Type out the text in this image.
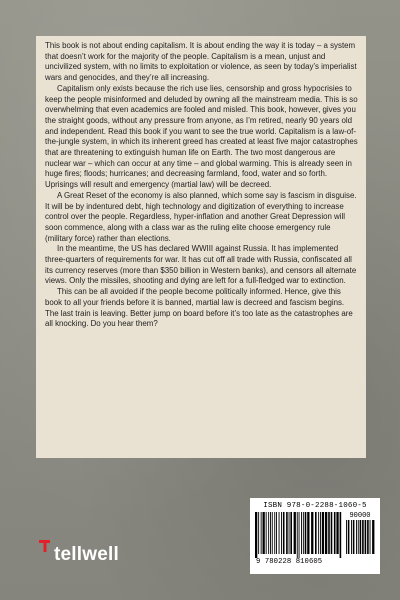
This book is not about ending capitalism. It is about ending the way it is today – a system that doesn’t work for the majority of the people. Capitalism is a mean, unjust and uncivilized system, with no limits to exploitation or violence, as seen by today’s imperialist wars and genocides, and they’re all increasing.

Capitalism only exists because the rich use lies, censorship and gross hypocrisies to keep the people misinformed and deluded by owning all the mainstream media. This is so overwhelming that even academics are fooled and misled. This book, however, gives you the straight goods, without any pressure from anyone, as I’m retired, nearly 90 years old and independent. Read this book if you want to see the true world. Capitalism is a law-of-the-jungle system, in which its inherent greed has created at least five major catastrophes that are threatening to extinguish human life on Earth. The two most dangerous are nuclear war – which can occur at any time – and global warming. This is already seen in huge fires; floods; hurricanes; and decreasing farmland, food, water and so forth. Uprisings will result and emergency (martial law) will be decreed.

A Great Reset of the economy is also planned, which some say is fascism in disguise. It will be by indentured debt, high technology and digitization of everything to increase control over the people. Regardless, hyper-inflation and another Great Depression will soon commence, along with a class war as the ruling elite choose emergency rule (military force) rather than elections.

In the meantime, the US has declared WWIII against Russia. It has implemented three-quarters of requirements for war. It has cut off all trade with Russia, confiscated all its currency reserves (more than $350 billion in Western banks), and censors all alternate views. Only the missiles, shooting and dying are left for a full-fledged war to extinction.

This can be all avoided if the people become politically informed. Hence, give this book to all your friends before it is banned, martial law is decreed and fascism begins. The last train is leaving. Better jump on board before it’s too late as the catastrophes are all knocking. Do you hear them?

tellwell
ISBN 978-0-2288-1060-5
90000
9 780228 810605
